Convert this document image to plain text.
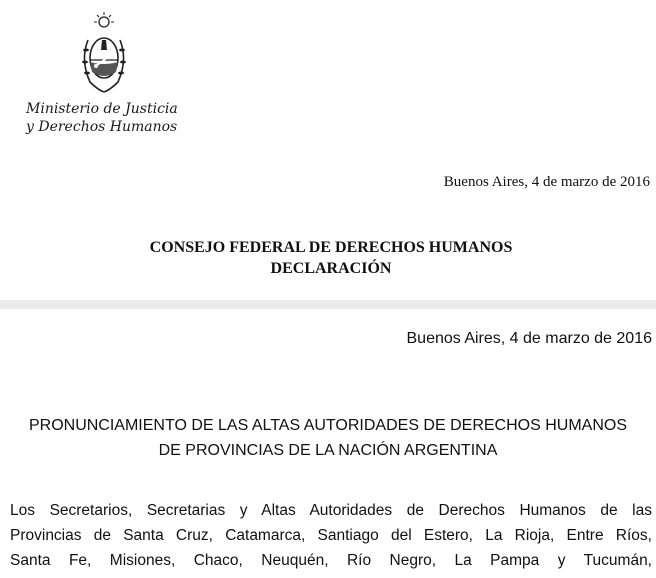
Ministerio de Justicia
y Derechos Humanos
Buenos Aires, 4 de marzo de 2016
CONSEJO FEDERAL DE DERECHOS HUMANOS
DECLARACIÓN
Buenos Aires, 4 de marzo de 2016
PRONUNCIAMIENTO DE LAS ALTAS AUTORIDADES DE DERECHOS HUMANOS
DE PROVINCIAS DE LA NACIÓN ARGENTINA
Los Secretarios, Secretarias y Altas Autoridades de Derechos Humanos de las
Provincias de Santa Cruz, Catamarca, Santiago del Estero, La Rioja, Entre Ríos,
Santa Fe, Misiones, Chaco, Neuquén, Río Negro, La Pampa y Tucumán,
